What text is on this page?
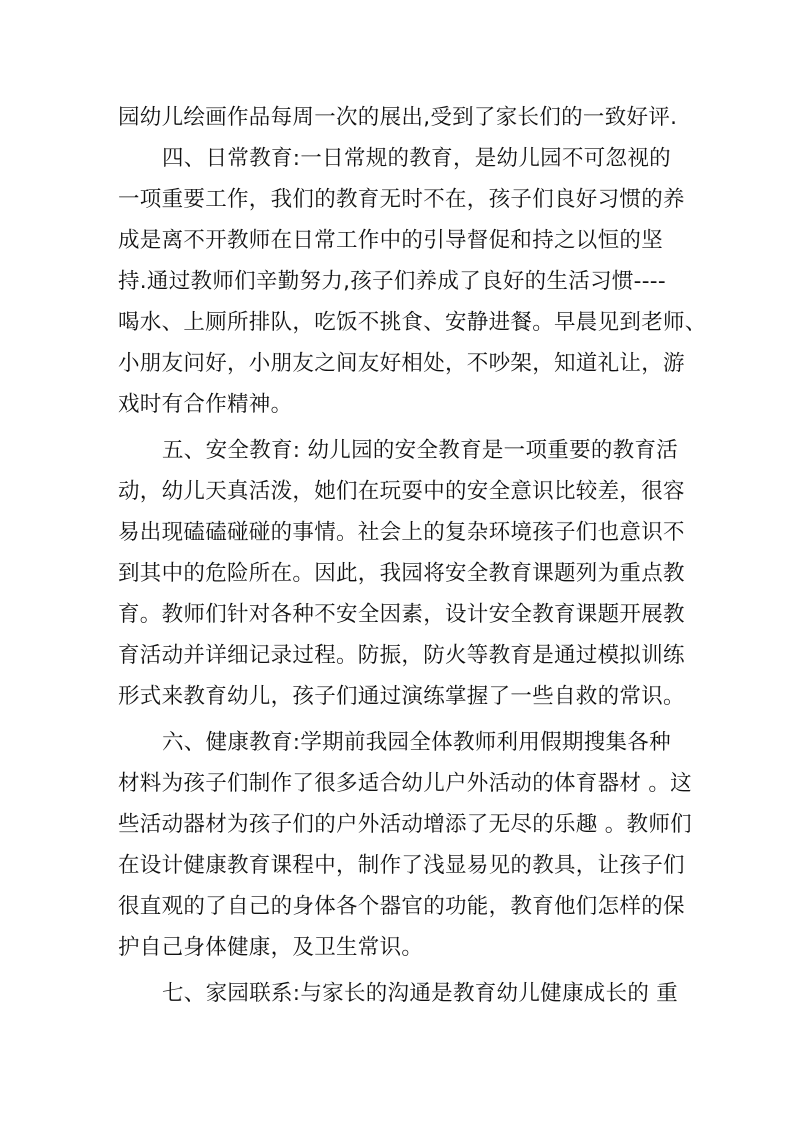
园幼儿绘画作品每周一次的展出,受到了家长们的一致好评.
四、日常教育:一日常规的教育，是幼儿园不可忽视的
一项重要工作，我们的教育无时不在，孩子们良好习惯的养
成是离不开教师在日常工作中的引导督促和持之以恒的坚
持.通过教师们辛勤努力,孩子们养成了良好的生活习惯----
喝水、上厕所排队，吃饭不挑食、安静进餐。早晨见到老师、
小朋友问好，小朋友之间友好相处，不吵架，知道礼让，游
戏时有合作精神。
五、安全教育: 幼儿园的安全教育是一项重要的教育活
动，幼儿天真活泼，她们在玩耍中的安全意识比较差，很容
易出现磕磕碰碰的事情。社会上的复杂环境孩子们也意识不
到其中的危险所在。因此，我园将安全教育课题列为重点教
育。教师们针对各种不安全因素，设计安全教育课题开展教
育活动并详细记录过程。防振，防火等教育是通过模拟训练
形式来教育幼儿，孩子们通过演练掌握了一些自救的常识。
六、健康教育:学期前我园全体教师利用假期搜集各种
材料为孩子们制作了很多适合幼儿户外活动的体育器材 。这
些活动器材为孩子们的户外活动增添了无尽的乐趣 。教师们
在设计健康教育课程中，制作了浅显易见的教具，让孩子们
很直观的了自己的身体各个器官的功能，教育他们怎样的保
护自己身体健康，及卫生常识。
七、家园联系:与家长的沟通是教育幼儿健康成长的 重
